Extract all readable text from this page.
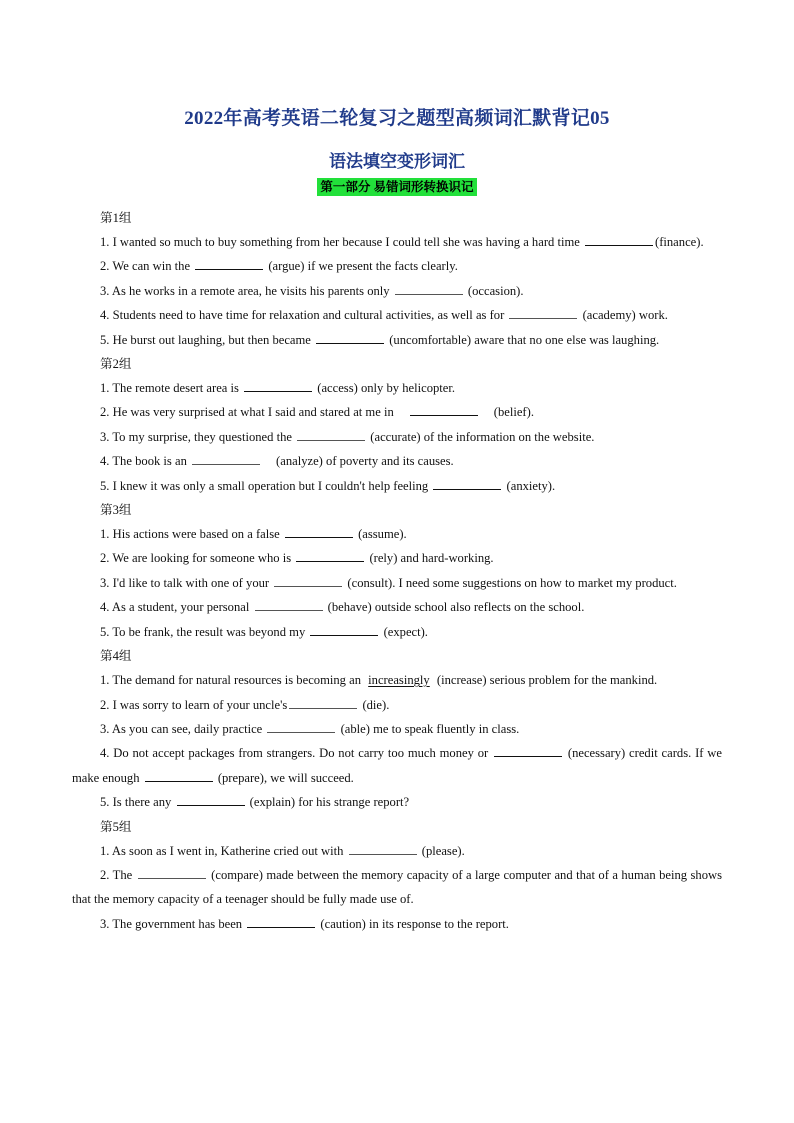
2022年高考英语二轮复习之题型高频词汇默背记05
语法填空变形词汇
第一部分 易错词形转换识记

第1组

1. I wanted so much to buy something from her because I could tell she was having a hard time	(finance).

2. We can win the	(argue) if we present the facts clearly.

3. As he works in a remote area, he visits his parents only	(occasion).

4. Students need to have time for relaxation and cultural activities, as well as for	(academy) work.

5. He burst out laughing, but then became	(uncomfortable) aware that no one else was laughing.

第2组

1. The remote desert area is	(access) only by helicopter.

2. He was very surprised at what I said and stared at me in	(belief).

3. To my surprise, they questioned the	(accurate) of the information on the website.

4. The book is an	(analyze) of poverty and its causes.

5. I knew it was only a small operation but I couldn't help feeling	(anxiety).

第3组

1. His actions were based on a false	(assume).

2. We are looking for someone who is	(rely) and hard-working.

3. I'd like to talk with one of your	(consult). I need some suggestions on how to market my product.

4. As a student, your personal	(behave) outside school also reflects on the school.

5. To be frank, the result was beyond my	(expect).

第4组

1. The demand for natural resources is becoming an increasingly (increase) serious problem for the mankind.

2. I was sorry to learn of your uncle's	(die).

3. As you can see, daily practice	(able) me to speak fluently in class.

4. Do not accept packages from strangers. Do not carry too much money or	(necessary) credit cards. If we make enough	(prepare), we will succeed.

5. Is there any	(explain) for his strange report?

第5组

1. As soon as I went in, Katherine cried out with	(please).

2. The	(compare) made between the memory capacity of a large computer and that of a human being shows that the memory capacity of a teenager should be fully made use of.

3. The government has been	(caution) in its response to the report.
